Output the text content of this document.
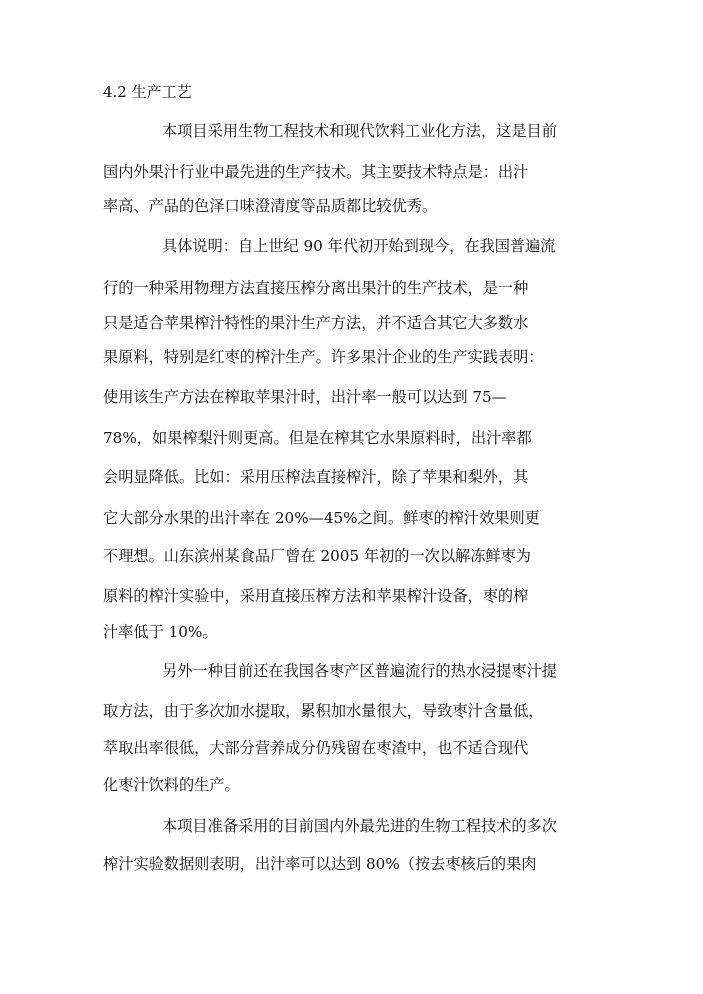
4.2 生产工艺
本项目采用生物工程技术和现代饮料工业化方法，这是目前
国内外果汁行业中最先进的生产技术。其主要技术特点是：出汁
率高、产品的色泽口味澄清度等品质都比较优秀。
具体说明：自上世纪 90 年代初开始到现今，在我国普遍流
行的一种采用物理方法直接压榨分离出果汁的生产技术，是一种
只是适合苹果榨汁特性的果汁生产方法，并不适合其它大多数水
果原料，特别是红枣的榨汁生产。许多果汁企业的生产实践表明：
使用该生产方法在榨取苹果汁时，出汁率一般可以达到 75—
78%，如果榨梨汁则更高。但是在榨其它水果原料时，出汁率都
会明显降低。比如：采用压榨法直接榨汁，除了苹果和梨外，其
它大部分水果的出汁率在 20%—45%之间。鲜枣的榨汁效果则更
不理想。山东滨州某食品厂曾在 2005 年初的一次以解冻鲜枣为
原料的榨汁实验中，采用直接压榨方法和苹果榨汁设备，枣的榨
汁率低于 10%。
另外一种目前还在我国各枣产区普遍流行的热水浸提枣汁提
取方法，由于多次加水提取，累积加水量很大，导致枣汁含量低，
萃取出率很低，大部分营养成分仍残留在枣渣中，也不适合现代
化枣汁饮料的生产。
本项目准备采用的目前国内外最先进的生物工程技术的多次
榨汁实验数据则表明，出汁率可以达到 80%（按去枣核后的果肉
